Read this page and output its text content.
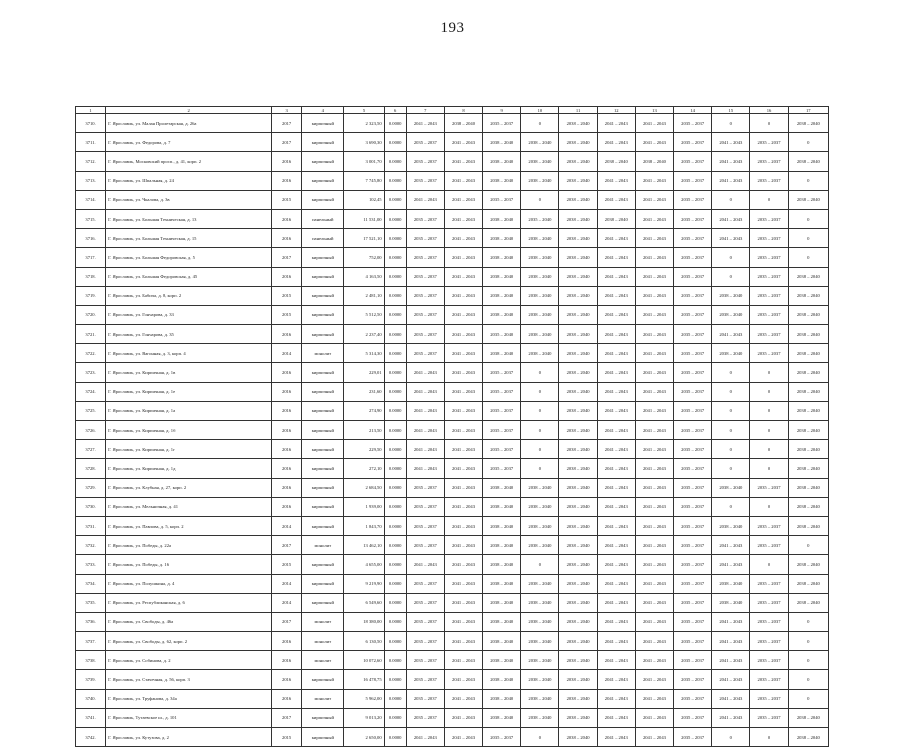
193
1	2	3	4	5	6	7	8	9	10	11	12	13	14	15	16	17
3710.	Г. Ярославль, ул. Малая Пролетарская, д. 26а	2017	кирпичный	2 323,50	0.0000	2041 – 2043	2038 – 2040	2035 – 2037	0	2038 – 2040	2041 – 2043	2041 – 2043	2035 – 2037	0	0	2038 – 2040
3711.	Г. Ярославль, ул. Федорова, д. 7	2017	кирпичный	3 690,30	0.0000	2035 – 2037	2041 – 2043	2038 – 2040	2038 – 2040	2038 – 2040	2041 – 2043	2041 – 2043	2035 – 2037	2041 – 2043	2035 – 2037	0
3712.	Г. Ярославль, Московский просп., д. 41, корп. 2	2016	кирпичный	3 001,70	0.0000	2035 – 2037	2041 – 2043	2038 – 2040	2038 – 2040	2038 – 2040	2038 – 2040	2038 – 2040	2035 – 2037	2041 – 2043	2035 – 2037	2038 – 2040
3713.	Г. Ярославль, ул. Шпальная, д. 24	2016	кирпичный	7 745,80	0.0000	2035 – 2037	2041 – 2043	2038 – 2040	2038 – 2040	2038 – 2040	2041 – 2043	2041 – 2043	2035 – 2037	2041 – 2043	2035 – 2037	0
3714.	Г. Ярославль, ул. Чкалова, д. 3в	2015	кирпичный	102,45	0.0000	2041 – 2043	2041 – 2043	2035 – 2037	0	2038 – 2040	2041 – 2043	2041 – 2043	2035 – 2037	0	0	2038 – 2040
3715.	Г. Ярославль, ул. Большая Техническая, д. 13	2016	панельный	11 531,00	0.0000	2035 – 2037	2041 – 2043	2038 – 2040	2035 – 2040	2038 – 2040	2038 – 2040	2041 – 2043	2035 – 2037	2041 – 2043	2035 – 2037	0
3716.	Г. Ярославль, ул. Большая Техническая, д. 15	2016	панельный	17 521,10	0.0000	2035 – 2037	2041 – 2043	2038 – 2040	2038 – 2040	2038 – 2040	2041 – 2043	2041 – 2043	2035 – 2037	2041 – 2043	2035 – 2037	0
3717.	Г. Ярославль, ул. Большая Федоровская, д. 5	2017	кирпичный	752,00	0.0000	2035 – 2037	2041 – 2043	2038 – 2040	2038 – 2040	2038 – 2040	2041 – 2043	2041 – 2043	2035 – 2037	0	2035 – 2037	0
3718.	Г. Ярославль, ул. Большая Федоровская, д. 45	2016	кирпичный	4 163,50	0.0000	2035 – 2037	2041 – 2043	2038 – 2040	2038 – 2040	2038 – 2040	2041 – 2043	2041 – 2043	2035 – 2037	0	2035 – 2037	2038 – 2040
3719.	Г. Ярославль, ул. Бабича, д. 8, корп. 2	2015	кирпичный	2 481,10	0.0000	2035 – 2037	2041 – 2043	2038 – 2040	2038 – 2040	2038 – 2040	2041 – 2043	2041 – 2043	2035 – 2037	2038 – 2040	2035 – 2037	2038 – 2040
3720.	Г. Ярославль, ул. Гончарова, д. 33	2015	кирпичный	5 512,50	0.0000	2035 – 2037	2041 – 2043	2038 – 2040	2038 – 2040	2038 – 2040	2041 – 2043	2041 – 2043	2035 – 2037	2038 – 2040	2035 – 2037	2038 – 2040
3721.	Г. Ярославль, ул. Гончарова, д. 35	2016	кирпичный	2 237,40	0.0000	2035 – 2037	2041 – 2043	2035 – 2040	2038 – 2040	2038 – 2040	2041 – 2043	2041 – 2043	2035 – 2037	2041 – 2043	2035 – 2037	2038 – 2040
3722.	Г. Ярославль, ул. Вагонная, д. 3, корп. 4	2014	монолит	5 314,30	0.0000	2035 – 2037	2041 – 2043	2038 – 2040	2038 – 2040	2038 – 2040	2041 – 2043	2041 – 2043	2035 – 2037	2038 – 2040	2035 – 2037	2038 – 2040
3723.	Г. Ярославль, ул. Кирпичная, д. 1в	2016	кирпичный	229,01	0.0000	2041 – 2043	2041 – 2043	2035 – 2037	0	2038 – 2040	2041 – 2043	2041 – 2043	2035 – 2037	0	0	2038 – 2040
3724.	Г. Ярославль, ул. Кирпичная, д. 1е	2016	кирпичный	231,60	0.0000	2041 – 2043	2041 – 2043	2035 – 2037	0	2038 – 2040	2041 – 2043	2041 – 2043	2035 – 2037	0	0	2038 – 2040
3725.	Г. Ярославль, ул. Кирпичная, д. 1а	2016	кирпичный	274,90	0.0000	2041 – 2043	2041 – 2043	2035 – 2037	0	2038 – 2040	2041 – 2043	2041 – 2043	2035 – 2037	0	0	2038 – 2040
3726.	Г. Ярославль, ул. Кирпичная, д. 1б	2016	кирпичный	213,50	0.0000	2041 – 2043	2041 – 2043	2035 – 2037	0	2038 – 2040	2041 – 2043	2041 – 2043	2035 – 2037	0	0	2038 – 2040
3727.	Г. Ярославль, ул. Кирпичная, д. 1г	2016	кирпичный	229,50	0.0000	2041 – 2043	2041 – 2043	2035 – 2037	0	2038 – 2040	2041 – 2043	2041 – 2043	2035 – 2037	0	0	2038 – 2040
3728.	Г. Ярославль, ул. Кирпичная, д. 1д	2016	кирпичный	272,10	0.0000	2041 – 2043	2041 – 2043	2035 – 2037	0	2038 – 2040	2041 – 2043	2041 – 2043	2035 – 2037	0	0	2038 – 2040
3729.	Г. Ярославль, ул. Клубная, д. 27, корп. 2	2016	кирпичный	2 684,50	0.0000	2035 – 2037	2041 – 2043	2038 – 2040	2038 – 2040	2038 – 2040	2041 – 2043	2041 – 2043	2035 – 2037	2038 – 2040	2035 – 2037	2038 – 2040
3730.	Г. Ярославль, ул. Мельничная, д. 41	2016	кирпичный	1 939,00	0.0000	2035 – 2037	2041 – 2043	2038 – 2040	2038 – 2040	2038 – 2040	2041 – 2043	2041 – 2043	2035 – 2037	0	0	2038 – 2040
3731.	Г. Ярославль, ул. Павлова, д. 5, корп. 2	2014	кирпичный	1 843,70	0.0000	2035 – 2037	2041 – 2043	2038 – 2040	2038 – 2040	2038 – 2040	2041 – 2043	2041 – 2043	2035 – 2037	2038 – 2040	2035 – 2037	2038 – 2040
3732.	Г. Ярославль, ул. Победы, д. 22а	2017	монолит	13 462,10	0.0000	2035 – 2037	2041 – 2043	2038 – 2040	2038 – 2040	2038 – 2040	2041 – 2043	2041 – 2043	2035 – 2037	2041 – 2043	2035 – 2037	0
3733.	Г. Ярославль, ул. Победы, д. 16	2015	кирпичный	4 655,00	0.0000	2041 – 2043	2041 – 2043	2038 – 2040	0	2038 – 2040	2041 – 2043	2041 – 2043	2035 – 2037	2041 – 2043	0	2038 – 2040
3734.	Г. Ярославль, ул. Полушкина, д. 4	2014	кирпичный	9 219,90	0.0000	2035 – 2037	2041 – 2043	2038 – 2040	2038 – 2040	2038 – 2040	2041 – 2043	2041 – 2043	2035 – 2037	2038 – 2040	2035 – 2037	2038 – 2040
3735.	Г. Ярославль, ул. Республиканская, д. 6	2014	кирпичный	6 549,60	0.0000	2035 – 2037	2041 – 2043	2038 – 2040	2038 – 2040	2038 – 2040	2041 – 2043	2041 – 2043	2035 – 2037	2038 – 2040	2035 – 2037	2038 – 2040
3736.	Г. Ярославль, ул. Свободы, д. 46а	2017	монолит	18 380,00	0.0000	2035 – 2037	2041 – 2043	2038 – 2040	2038 – 2040	2038 – 2040	2041 – 2043	2041 – 2043	2035 – 2037	2041 – 2043	2035 – 2037	0
3737.	Г. Ярославль, ул. Свободы, д. 62, корп. 2	2016	монолит	6 130,50	0.0000	2035 – 2037	2041 – 2043	2038 – 2040	2038 – 2040	2038 – 2040	2041 – 2043	2041 – 2043	2035 – 2037	2041 – 2043	2035 – 2037	0
3738.	Г. Ярославль, ул. Собинова, д. 2	2016	монолит	10 072,60	0.0000	2035 – 2037	2041 – 2043	2038 – 2040	2038 – 2040	2038 – 2040	2041 – 2043	2041 – 2043	2035 – 2037	2041 – 2043	2035 – 2037	0
3739.	Г. Ярославль, ул. Стачечная, д. 56, корп. 3	2016	кирпичный	16 478,75	0.0000	2035 – 2037	2041 – 2043	2038 – 2040	2038 – 2040	2038 – 2040	2041 – 2043	2041 – 2043	2035 – 2037	2041 – 2043	2035 – 2037	0
3740.	Г. Ярославль, ул. Труфанова, д. 34а	2016	монолит	5 962,00	0.0000	2035 – 2037	2041 – 2043	2038 – 2040	2038 – 2040	2038 – 2040	2041 – 2043	2041 – 2043	2035 – 2037	2041 – 2043	2035 – 2037	0
3741.	Г. Ярославль, Тутаевское ш., д. 101	2017	кирпичный	9 013,20	0.0000	2035 – 2037	2041 – 2043	2038 – 2040	2038 – 2040	2038 – 2040	2041 – 2043	2041 – 2043	2035 – 2037	2041 – 2043	2035 – 2037	2038 – 2040
3742.	Г. Ярославль, ул. Кутузова, д. 2	2015	кирпичный	2 650,00	0.0000	2041 – 2043	2041 – 2043	2035 – 2037	0	2038 – 2040	2041 – 2043	2041 – 2043	2035 – 2037	0	0	2038 – 2040
